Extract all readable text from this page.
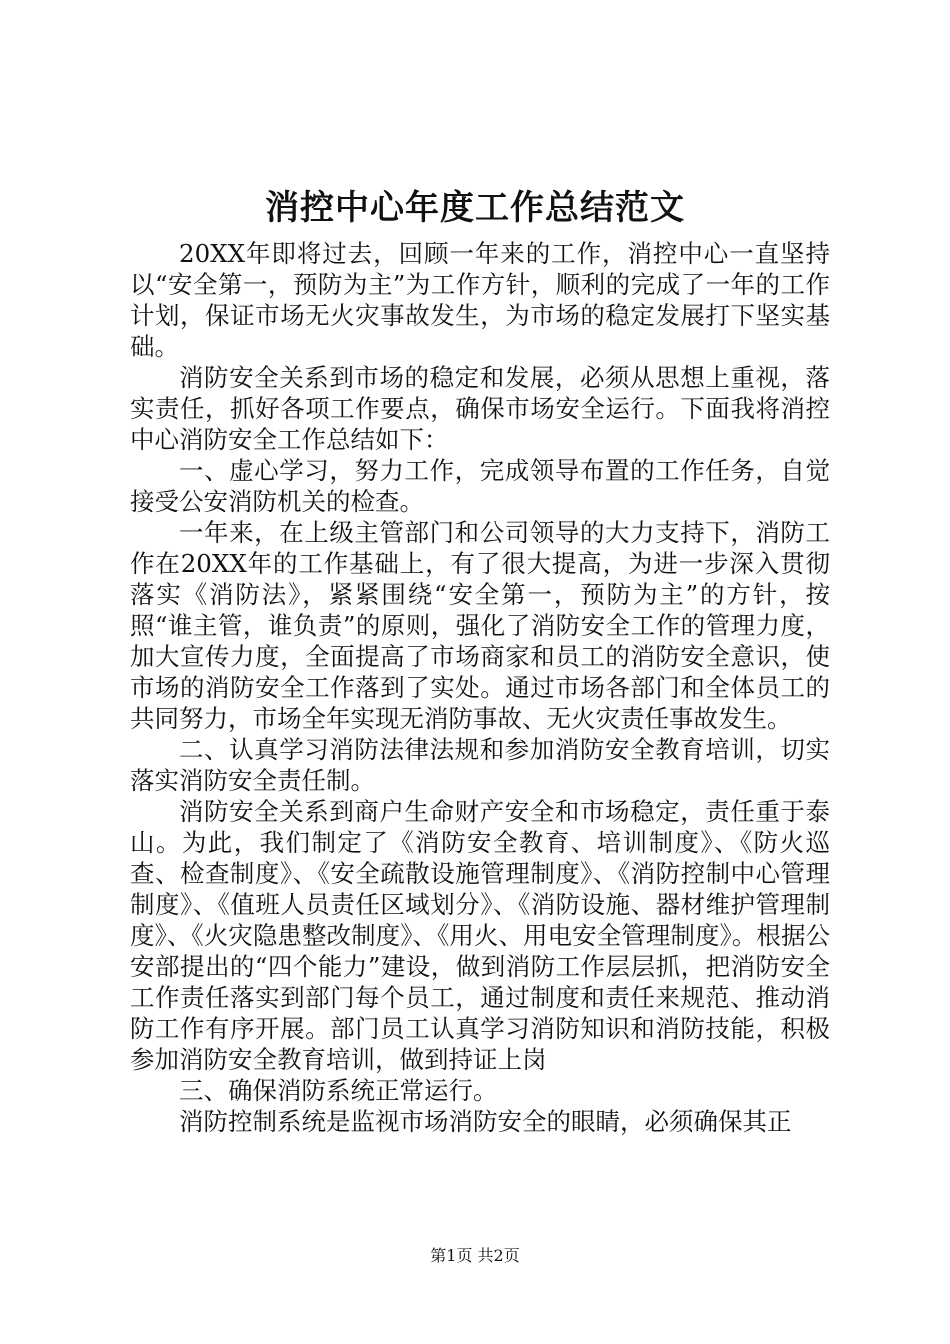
消控中心年度工作总结范文

20XX年即将过去，回顾一年来的工作，消控中心一直坚持以“安全第一，预防为主”为工作方针，顺利的完成了一年的工作计划，保证市场无火灾事故发生，为市场的稳定发展打下坚实基础。

消防安全关系到市场的稳定和发展，必须从思想上重视，落实责任，抓好各项工作要点，确保市场安全运行。下面我将消控中心消防安全工作总结如下：

一、虚心学习，努力工作，完成领导布置的工作任务，自觉接受公安消防机关的检查。

一年来，在上级主管部门和公司领导的大力支持下，消防工作在20XX年的工作基础上，有了很大提高，为进一步深入贯彻落实《消防法》，紧紧围绕“安全第一，预防为主”的方针，按照“谁主管，谁负责”的原则，强化了消防安全工作的管理力度，加大宣传力度，全面提高了市场商家和员工的消防安全意识，使市场的消防安全工作落到了实处。通过市场各部门和全体员工的共同努力，市场全年实现无消防事故、无火灾责任事故发生。

二、认真学习消防法律法规和参加消防安全教育培训，切实落实消防安全责任制。

消防安全关系到商户生命财产安全和市场稳定，责任重于泰山。为此，我们制定了《消防安全教育、培训制度》、《防火巡查、检查制度》、《安全疏散设施管理制度》、《消防控制中心管理制度》、《值班人员责任区域划分》、《消防设施、器材维护管理制度》、《火灾隐患整改制度》、《用火、用电安全管理制度》。根据公安部提出的“四个能力”建设，做到消防工作层层抓，把消防安全工作责任落实到部门每个员工，通过制度和责任来规范、推动消防工作有序开展。部门员工认真学习消防知识和消防技能，积极参加消防安全教育培训，做到持证上岗

三、确保消防系统正常运行。

消防控制系统是监视市场消防安全的眼睛，必须确保其正

第1页 共2页
